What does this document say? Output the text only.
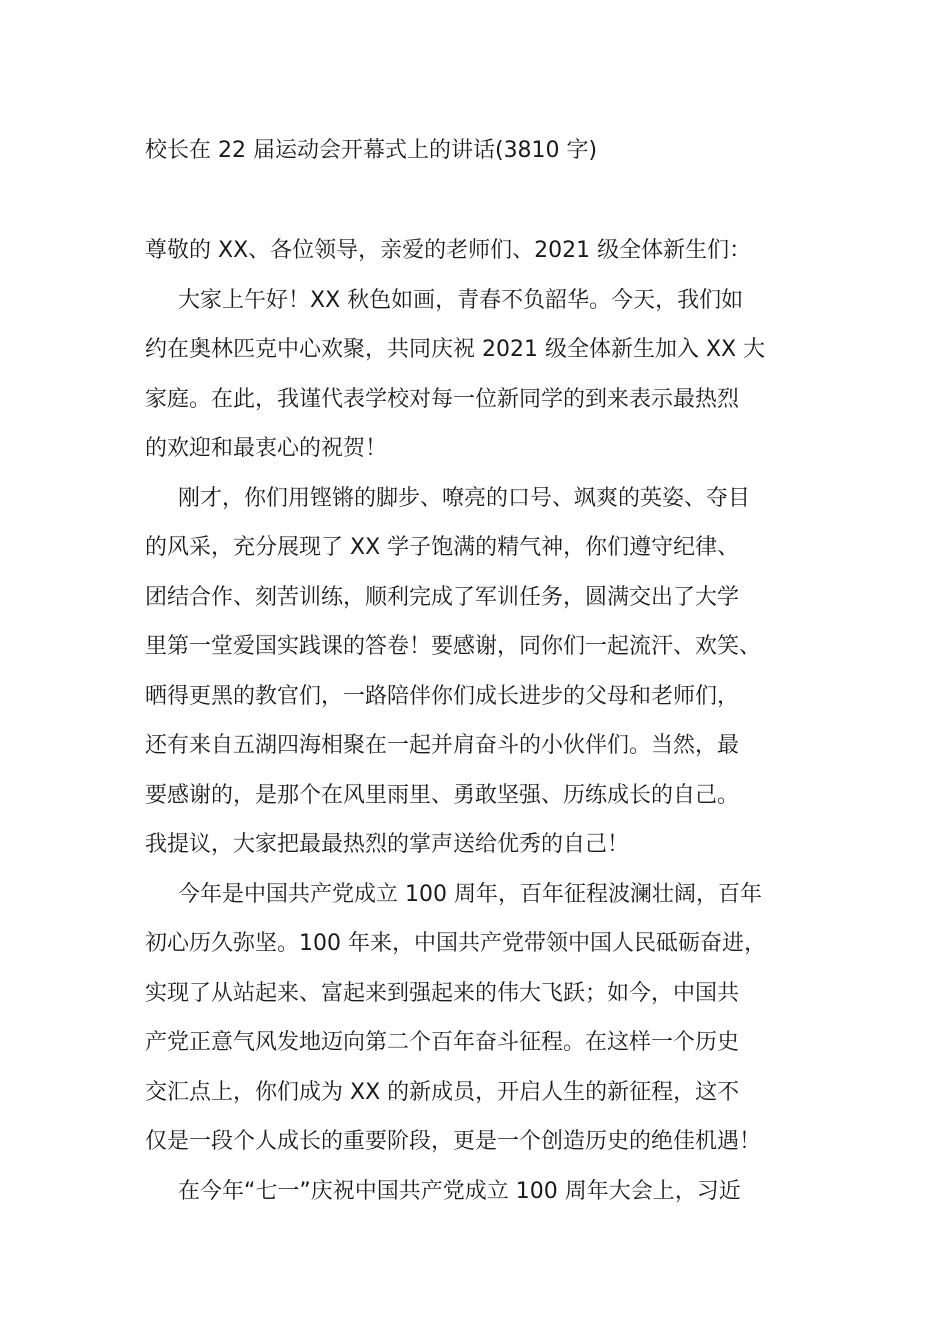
校长在 22 届运动会开幕式上的讲话(3810 字)
尊敬的 XX、各位领导，亲爱的老师们、2021 级全体新生们：
大家上午好！XX 秋色如画，青春不负韶华。今天，我们如
约在奥林匹克中心欢聚，共同庆祝 2021 级全体新生加入 XX 大
家庭。在此，我谨代表学校对每一位新同学的到来表示最热烈
的欢迎和最衷心的祝贺！
刚才，你们用铿锵的脚步、嘹亮的口号、飒爽的英姿、夺目
的风采，充分展现了 XX 学子饱满的精气神，你们遵守纪律、
团结合作、刻苦训练，顺利完成了军训任务，圆满交出了大学
里第一堂爱国实践课的答卷！要感谢，同你们一起流汗、欢笑、
晒得更黑的教官们，一路陪伴你们成长进步的父母和老师们，
还有来自五湖四海相聚在一起并肩奋斗的小伙伴们。当然，最
要感谢的，是那个在风里雨里、勇敢坚强、历练成长的自己。
我提议，大家把最最热烈的掌声送给优秀的自己！
今年是中国共产党成立 100 周年，百年征程波澜壮阔，百年
初心历久弥坚。100 年来，中国共产党带领中国人民砥砺奋进，
实现了从站起来、富起来到强起来的伟大飞跃；如今，中国共
产党正意气风发地迈向第二个百年奋斗征程。在这样一个历史
交汇点上，你们成为 XX 的新成员，开启人生的新征程，这不
仅是一段个人成长的重要阶段，更是一个创造历史的绝佳机遇！
在今年“七一”庆祝中国共产党成立 100 周年大会上，习近
